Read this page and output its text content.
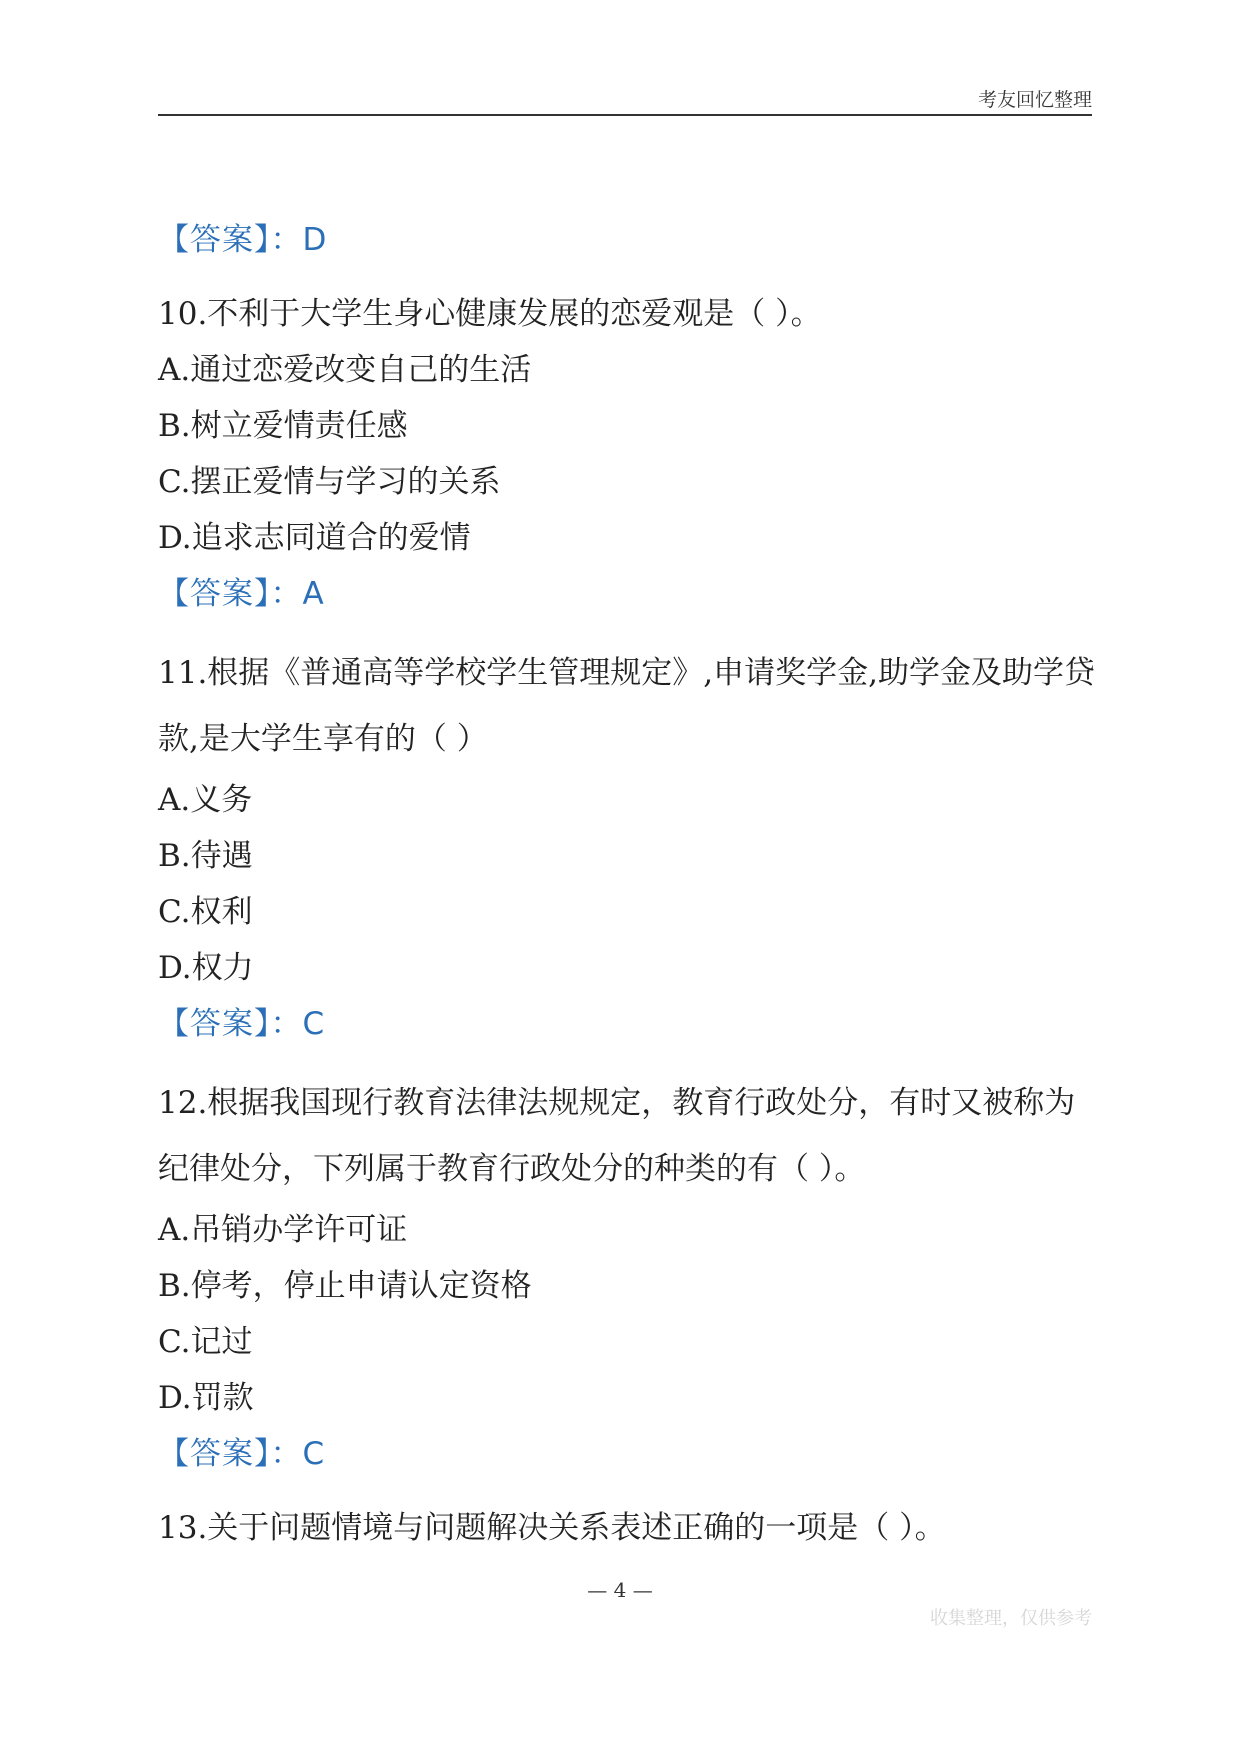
考友回忆整理
【答案】：D
10.不利于大学生身心健康发展的恋爱观是（ ）。
A.通过恋爱改变自己的生活
B.树立爱情责任感
C.摆正爱情与学习的关系
D.追求志同道合的爱情
【答案】：A
11.根据《普通高等学校学生管理规定》,申请奖学金,助学金及助学贷款,是大学生享有的（ ）
A.义务
B.待遇
C.权利
D.权力
【答案】：C
12.根据我国现行教育法律法规规定，教育行政处分，有时又被称为纪律处分，下列属于教育行政处分的种类的有（ ）。
A.吊销办学许可证
B.停考，停止申请认定资格
C.记过
D.罚款
【答案】：C
13.关于问题情境与问题解决关系表述正确的一项是（ ）。
— 4 —
收集整理，仅供参考
